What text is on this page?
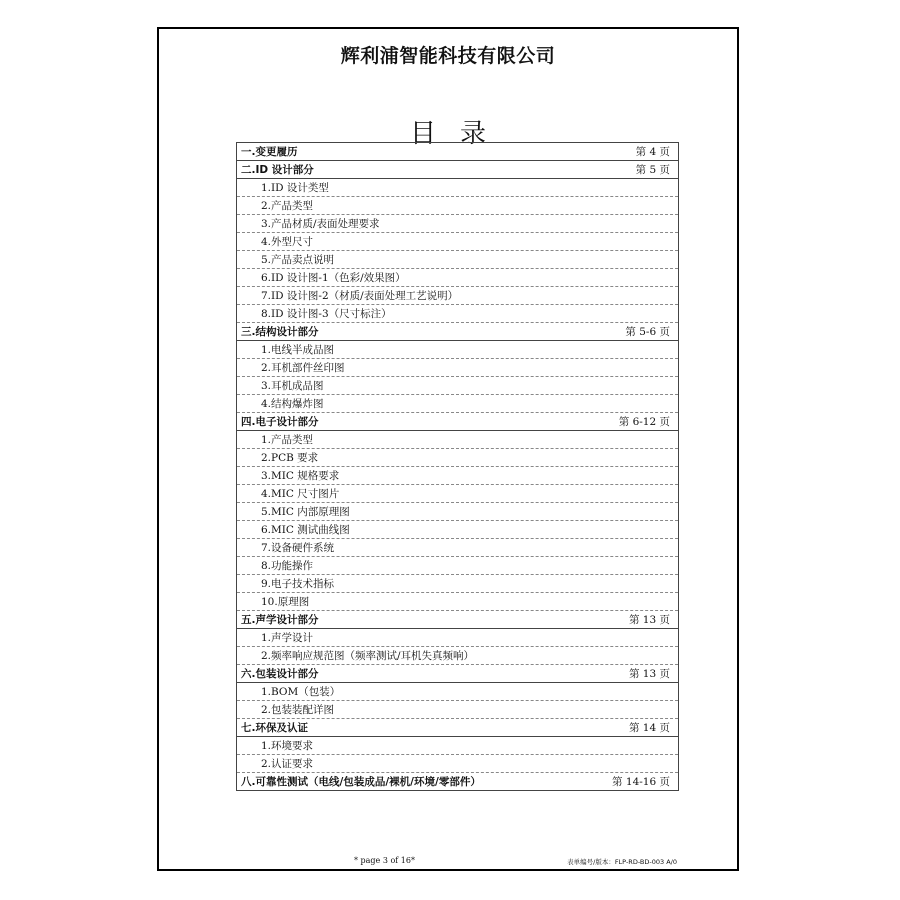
辉利浦智能科技有限公司
目录
一.变更履历	第 4 页
二.ID 设计部分	第 5 页
1.ID 设计类型
2.产品类型
3.产品材质/表面处理要求
4.外型尺寸
5.产品卖点说明
6.ID 设计图-1（色彩/效果图）
7.ID 设计图-2（材质/表面处理工艺说明）
8.ID 设计图-3（尺寸标注）
三.结构设计部分	第 5-6 页
1.电线半成品图
2.耳机部件丝印图
3.耳机成品图
4.结构爆炸图
四.电子设计部分	第 6-12 页
1.产品类型
2.PCB 要求
3.MIC 规格要求
4.MIC 尺寸图片
5.MIC 内部原理图
6.MIC 测试曲线图
7.设备硬件系统
8.功能操作
9.电子技术指标
10.原理图
五.声学设计部分	第 13 页
1.声学设计
2.频率响应规范图（频率测试/耳机失真频响）
六.包装设计部分	第 13 页
1.BOM（包装）
2.包装装配详图
七.环保及认证	第 14 页
1.环境要求
2.认证要求
八.可靠性测试（电线/包装成品/裸机/环境/零部件）	第 14-16 页
* page 3 of 16*	表单编号/版本：FLP-RD-BD-003 A/0
